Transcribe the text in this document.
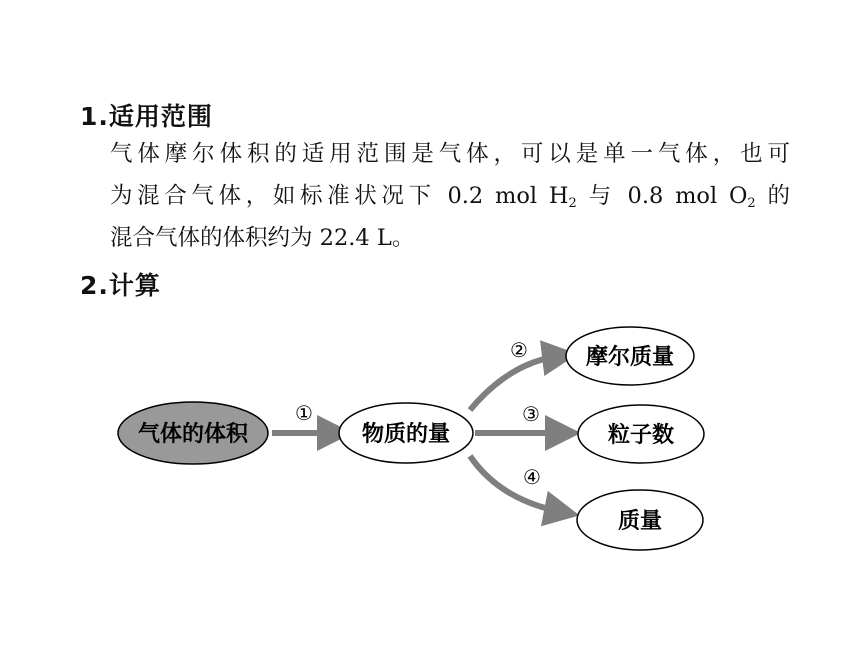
1.适用范围
气体摩尔体积的适用范围是气体，可以是单一气体，也可
为混合气体，如标准状况下 0.2 mol $H_2$ 与 0.8 mol $O_2$ 的
混合气体的体积约为 22.4 L。
2.计算
气体的体积	物质的量
摩尔质量
粒子数
质量
①
②
③
④
